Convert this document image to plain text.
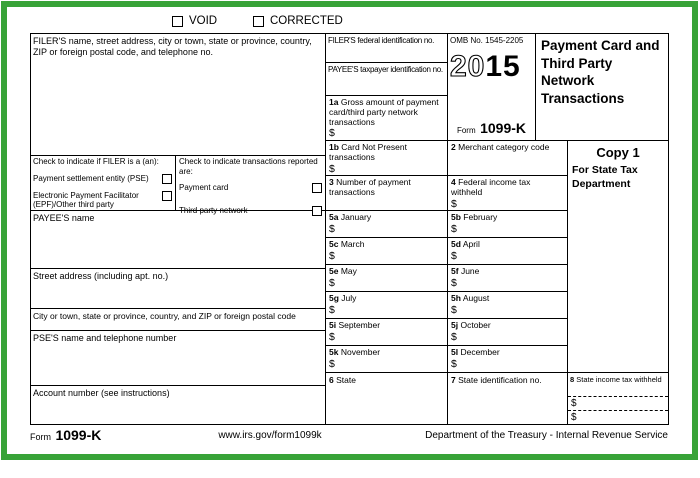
VOID	CORRECTED
FILER'S name, street address, city or town, state or province, country, ZIP or foreign postal code, and telephone no.
FILER'S federal identification no.
PAYEE'S taxpayer identification no.
OMB No. 1545-2205
2015
Form 1099-K
Payment Card and Third Party Network Transactions
1a Gross amount of payment card/third party network transactions
$
1b Card Not Present transactions
$
2 Merchant category code	Copy 1
For State Tax Department
3 Number of payment transactions
4 Federal income tax withheld
$
Check to indicate if FILER is a (an):
Payment settlement entity (PSE)
Electronic Payment Facilitator (EPF)/Other third party
Check to indicate transactions reported are:
Payment card
Third party network
PAYEE'S name
Street address (including apt. no.)
City or town, state or province, country, and ZIP or foreign postal code
PSE'S name and telephone number
Account number (see instructions)
5a January
$
5b February
$
5c March
$
5d April
$
5e May
$
5f June
$
5g July
$
5h August
$
5i September
$
5j October
$
5k November
$
5l December
$
6 State	7 State identification no.	8 State income tax withheld
$
$
Form 1099-K	www.irs.gov/form1099k	Department of the Treasury - Internal Revenue Service
